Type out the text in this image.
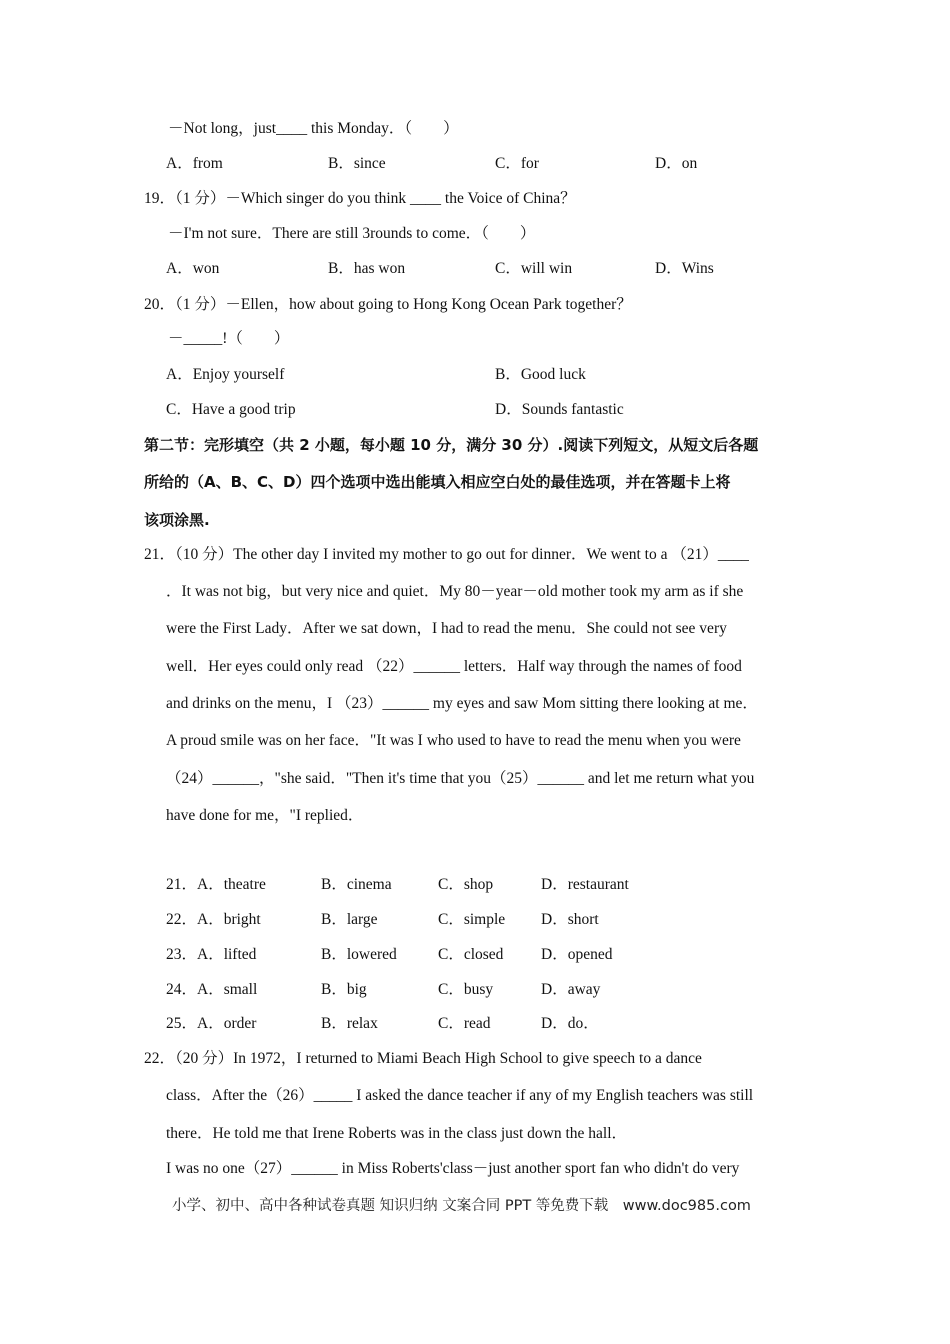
－Not long，just____ this Monday．（　　）
A．from	B．since	C．for	D．on
19．（1 分）－Which singer do you think ____ the Voice of China？
－I'm not sure．There are still 3rounds to come．（　　）
A．won	B．has won	C．will win	D．Wins
20．（1 分）－Ellen，how about going to Hong Kong Ocean Park together？
－_____!（　　）
A．Enjoy yourself	B．Good luck
C．Have a good trip	D．Sounds fantastic
第二节：完形填空（共 2 小题，每小题 10 分，满分 30 分）.阅读下列短文，从短文后各题
所给的（A、B、C、D）四个选项中选出能填入相应空白处的最佳选项，并在答题卡上将
该项涂黑.
21．（10 分）The other day I invited my mother to go out for dinner．We went to a （21）____
．It was not big，but very nice and quiet．My 80－year－old mother took my arm as if she
were the First Lady．After we sat down，I had to read the menu．She could not see very
well．Her eyes could only read （22）______ letters．Half way through the names of food
and drinks on the menu，I （23）______ my eyes and saw Mom sitting there looking at me．
A proud smile was on her face．"It was I who used to have to read the menu when you were
（24）______，"she said．"Then it's time that you（25）______ and let me return what you
have done for me，"I replied．
21．A．theatre	B．cinema	C．shop	D．restaurant
22．A．bright	B．large	C．simple D．short
23．A．lifted	B．lowered	C．closed D．opened
24．A．small	B．big	C．busy	D．away
25．A．order	B．relax	C．read	D．do．
22．（20 分）In 1972，I returned to Miami Beach High School to give speech to a dance
class．After the（26）_____ I asked the dance teacher if any of my English teachers was still
there．He told me that Irene Roberts was in the class just down the hall．
I was no one（27）______ in Miss Roberts'class－just another sport fan who didn't do very
小学、初中、高中各种试卷真题 知识归纳 文案合同 PPT 等免费下载　www.doc985.com
